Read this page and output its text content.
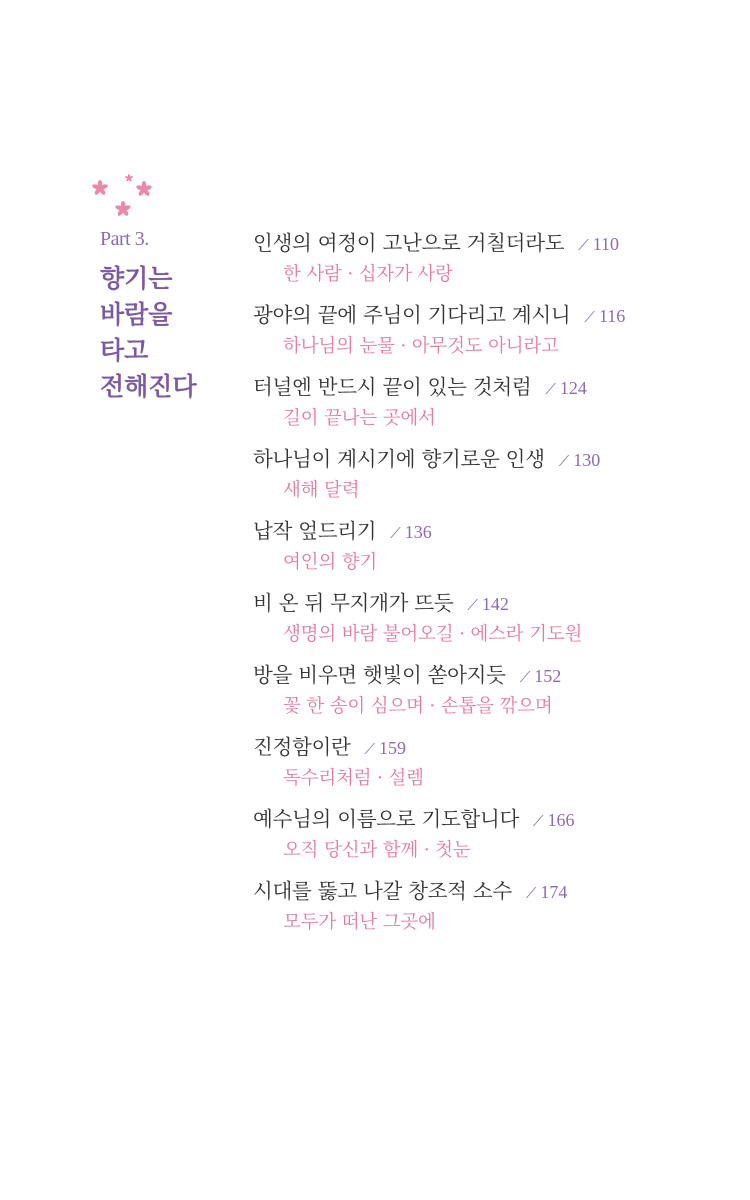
Part 3.
향기는
바람을
타고
전해진다
인생의 여정이 고난으로 거칠더라도 ⟋ 110
한 사람 · 십자가 사랑
광야의 끝에 주님이 기다리고 계시니 ⟋ 116
하나님의 눈물 · 아무것도 아니라고
터널엔 반드시 끝이 있는 것처럼 ⟋ 124
길이 끝나는 곳에서
하나님이 계시기에 향기로운 인생 ⟋ 130
새해 달력
납작 엎드리기 ⟋ 136
여인의 향기
비 온 뒤 무지개가 뜨듯 ⟋ 142
생명의 바람 불어오길 · 에스라 기도원
방을 비우면 햇빛이 쏟아지듯 ⟋ 152
꽃 한 송이 심으며 · 손톱을 깎으며
진정함이란 ⟋ 159
독수리처럼 · 설렘
예수님의 이름으로 기도합니다 ⟋ 166
오직 당신과 함께 · 첫눈
시대를 뚫고 나갈 창조적 소수 ⟋ 174
모두가 떠난 그곳에
